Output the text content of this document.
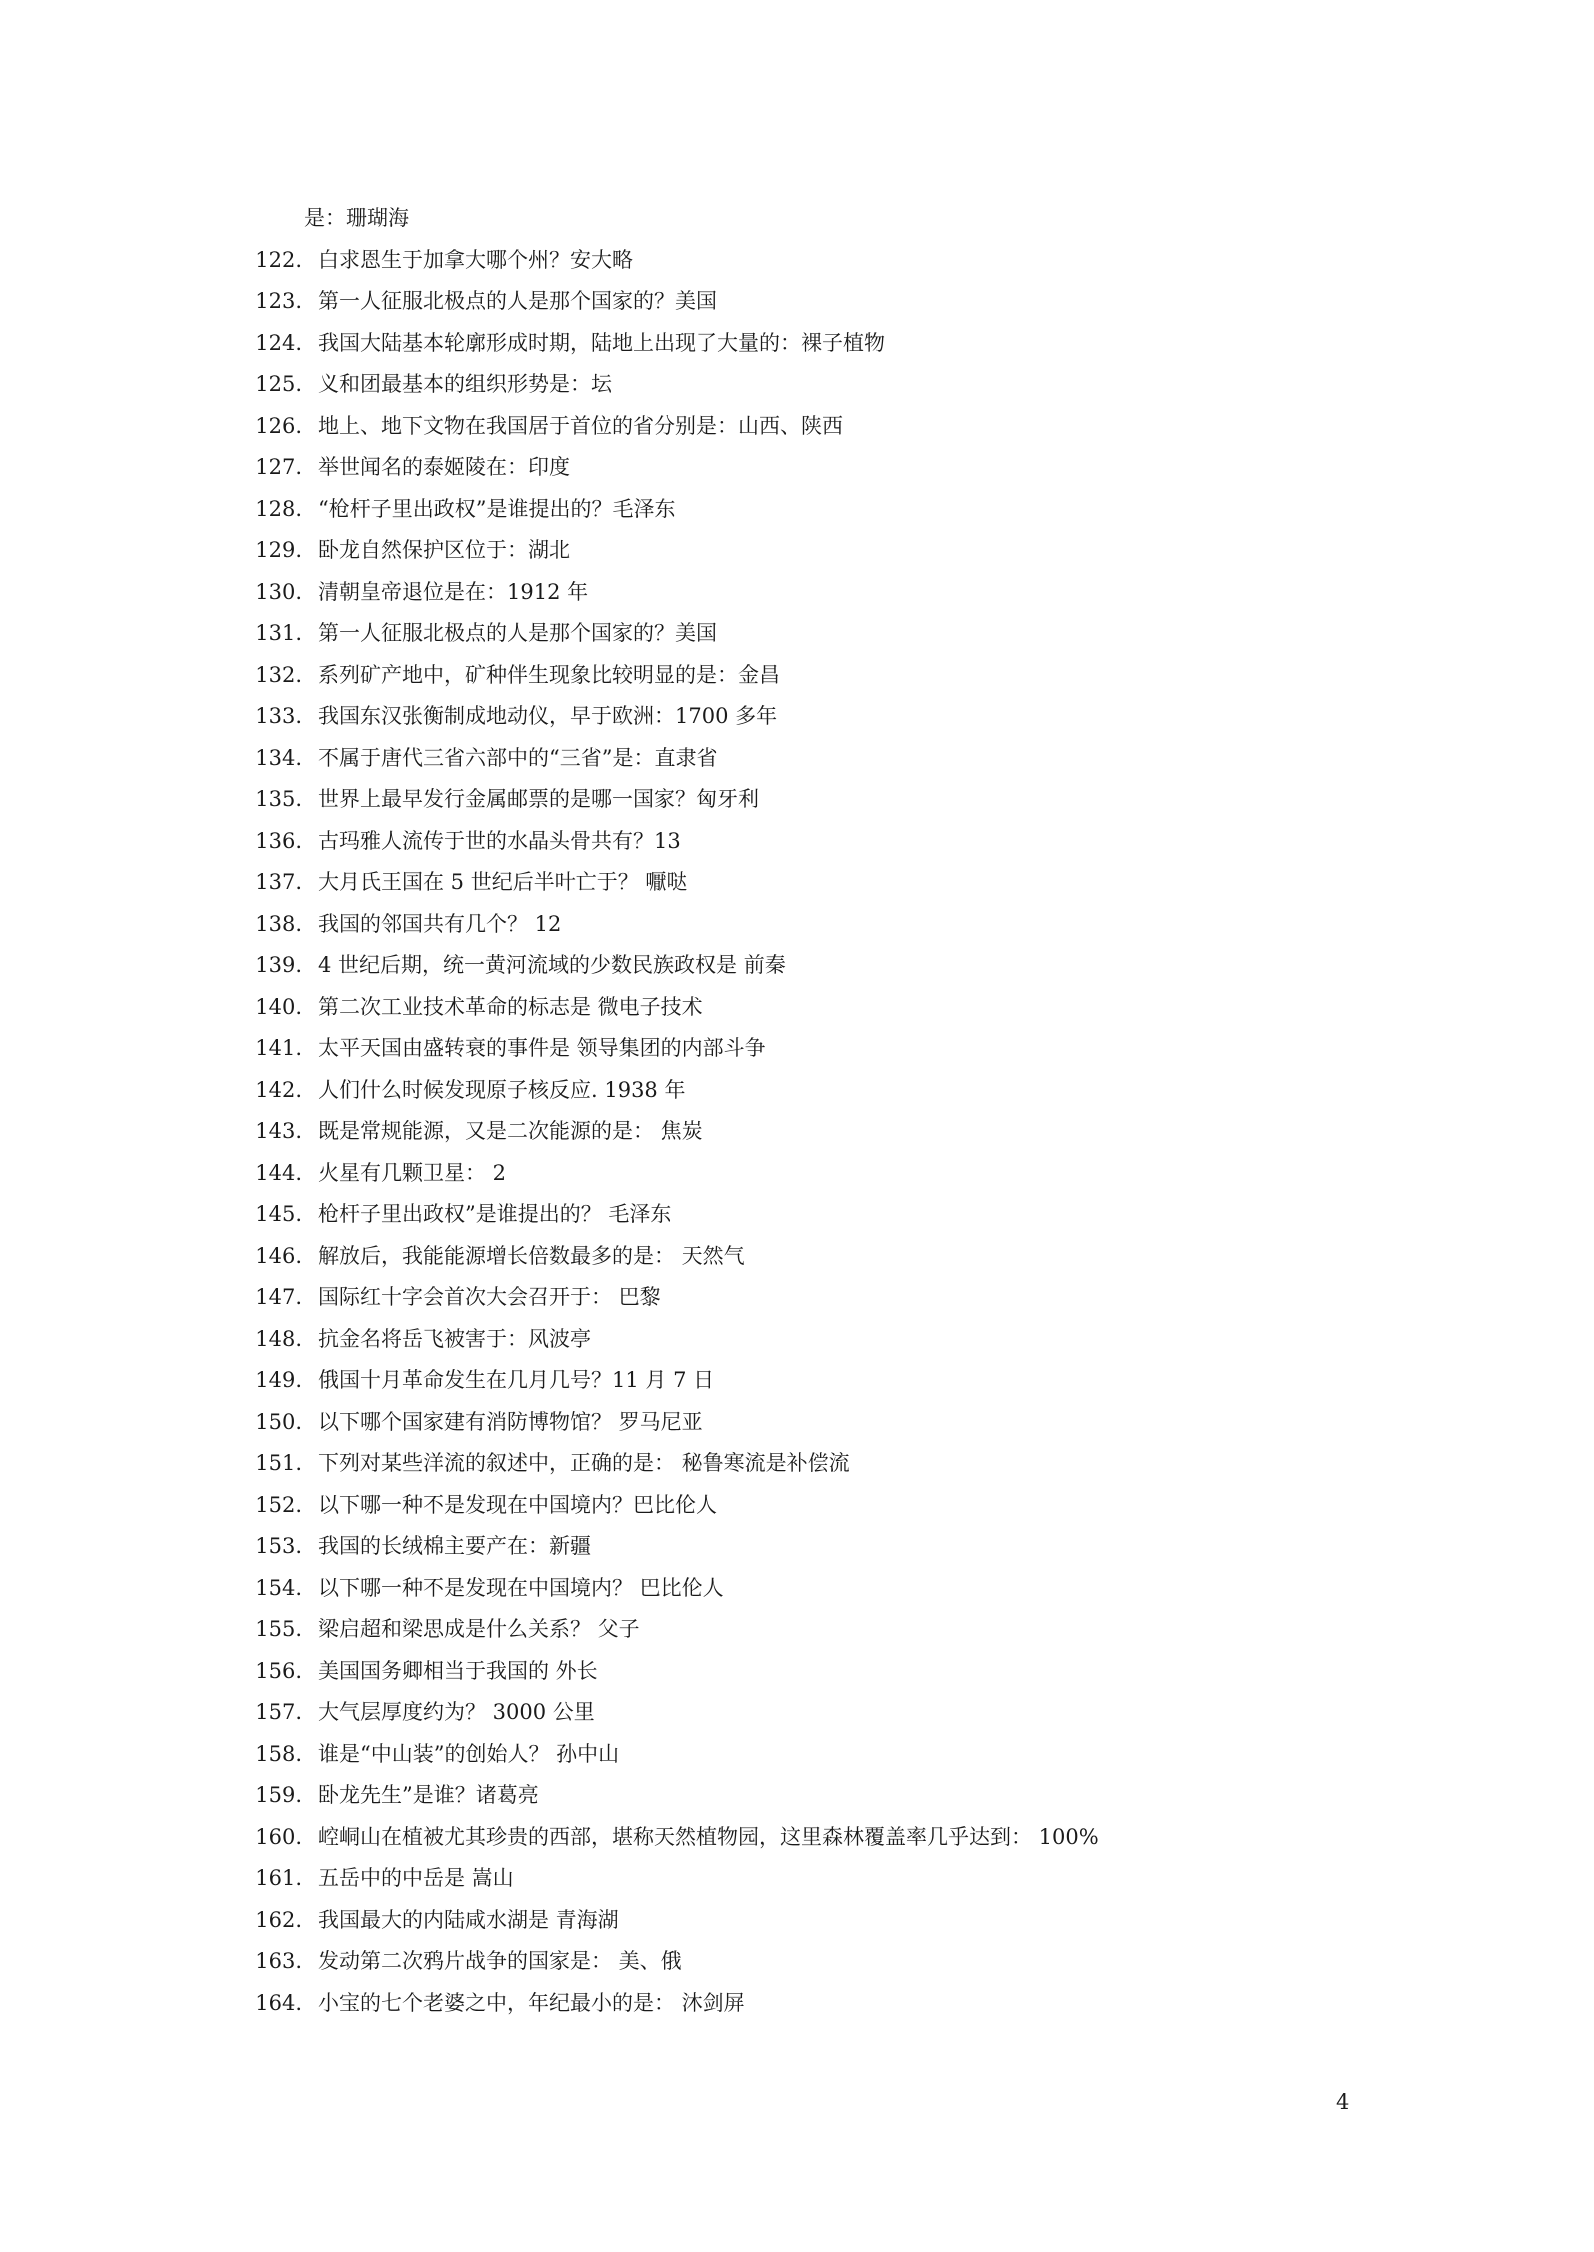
是：珊瑚海
122. 白求恩生于加拿大哪个州？安大略
123. 第一人征服北极点的人是那个国家的？美国
124. 我国大陆基本轮廓形成时期，陆地上出现了大量的：裸子植物
125. 义和团最基本的组织形势是：坛
126. 地上、地下文物在我国居于首位的省分别是：山西、陕西
127. 举世闻名的泰姬陵在：印度
128. “枪杆子里出政权”是谁提出的？毛泽东
129. 卧龙自然保护区位于：湖北
130. 清朝皇帝退位是在：1912 年
131. 第一人征服北极点的人是那个国家的？美国
132. 系列矿产地中，矿种伴生现象比较明显的是：金昌
133. 我国东汉张衡制成地动仪，早于欧洲：1700 多年
134. 不属于唐代三省六部中的“三省”是：直隶省
135. 世界上最早发行金属邮票的是哪一国家？匈牙利
136. 古玛雅人流传于世的水晶头骨共有？13
137. 大月氏王国在 5 世纪后半叶亡于？ 嚈哒
138. 我国的邻国共有几个？ 12
139. 4 世纪后期，统一黄河流域的少数民族政权是 前秦
140. 第二次工业技术革命的标志是 微电子技术
141. 太平天国由盛转衰的事件是 领导集团的内部斗争
142. 人们什么时候发现原子核反应. 1938 年
143. 既是常规能源，又是二次能源的是： 焦炭
144. 火星有几颗卫星： 2
145. 枪杆子里出政权”是谁提出的？ 毛泽东
146. 解放后，我能能源增长倍数最多的是： 天然气
147. 国际红十字会首次大会召开于： 巴黎
148. 抗金名将岳飞被害于：风波亭
149. 俄国十月革命发生在几月几号？11 月 7 日
150. 以下哪个国家建有消防博物馆？ 罗马尼亚
151. 下列对某些洋流的叙述中，正确的是： 秘鲁寒流是补偿流
152. 以下哪一种不是发现在中国境内？巴比伦人
153. 我国的长绒棉主要产在：新疆
154. 以下哪一种不是发现在中国境内？ 巴比伦人
155. 梁启超和梁思成是什么关系？ 父子
156. 美国国务卿相当于我国的 外长
157. 大气层厚度约为？ 3000 公里
158. 谁是“中山装”的创始人？ 孙中山
159. 卧龙先生”是谁？诸葛亮
160. 崆峒山在植被尤其珍贵的西部，堪称天然植物园，这里森林覆盖率几乎达到： 100%
161. 五岳中的中岳是 嵩山
162. 我国最大的内陆咸水湖是 青海湖
163. 发动第二次鸦片战争的国家是： 美、俄
164. 小宝的七个老婆之中，年纪最小的是： 沐剑屏
4
